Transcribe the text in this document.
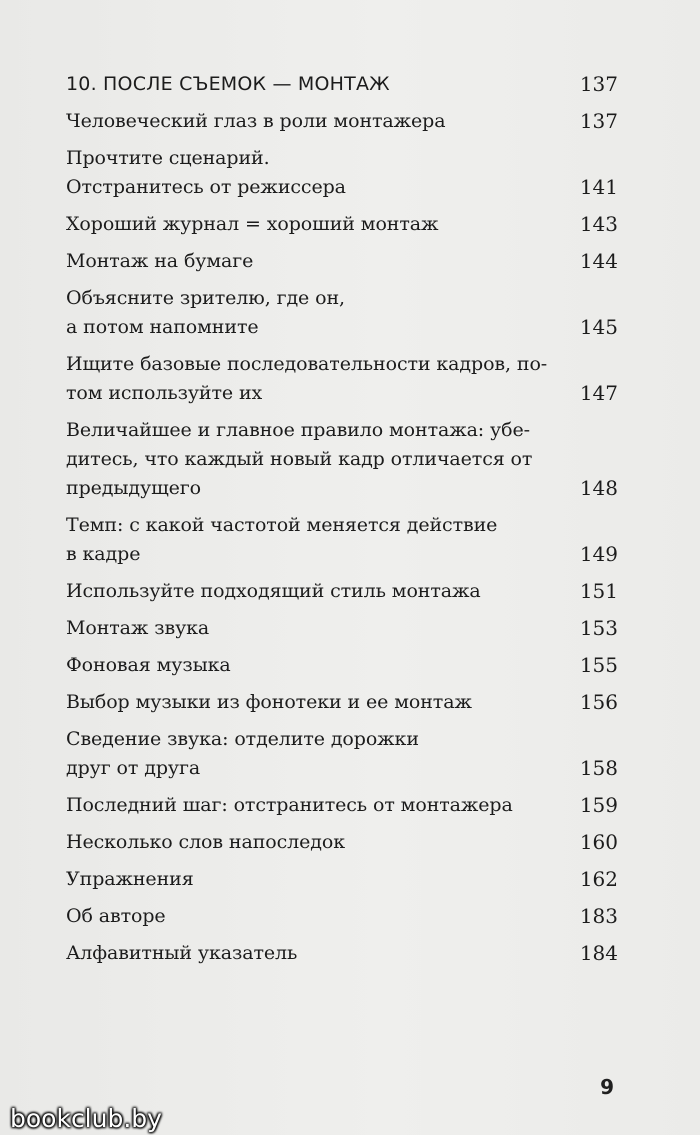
10. ПОСЛЕ СЪЕМОК — МОНТАЖ	137
Человеческий глаз в роли монтажера	137
Прочтите сценарий.
Отстранитесь от режиссера	141
Хороший журнал = хороший монтаж	143
Монтаж на бумаге	144
Объясните зрителю, где он,
а потом напомните	145
Ищите базовые последовательности кадров, по-
том используйте их	147
Величайшее и главное правило монтажа: убе-
дитесь, что каждый новый кадр отличается от
предыдущего	148
Темп: с какой частотой меняется действие
в кадре	149
Используйте подходящий стиль монтажа	151
Монтаж звука	153
Фоновая музыка	155
Выбор музыки из фонотеки и ее монтаж	156
Сведение звука: отделите дорожки
друг от друга	158
Последний шаг: отстранитесь от монтажера	159
Несколько слов напоследок	160
Упражнения	162
Об авторе	183
Алфавитный указатель	184
9
bookclub.by
